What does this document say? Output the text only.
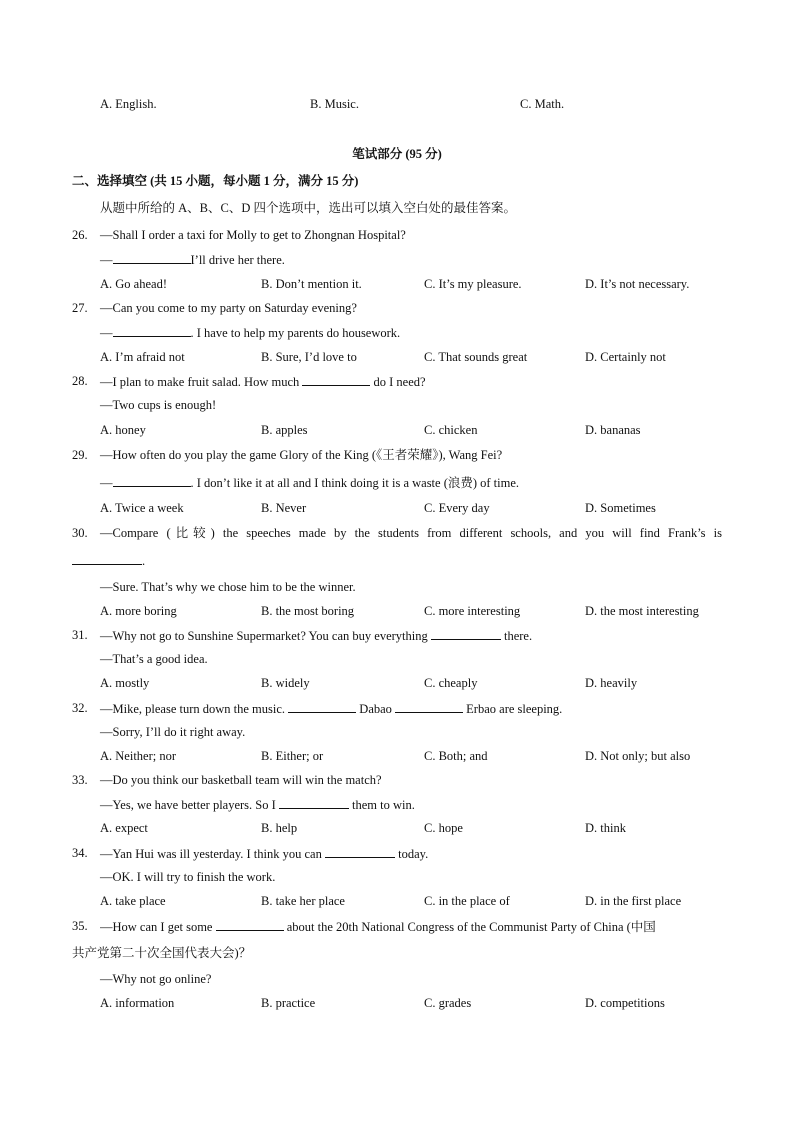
A. English.	B. Music.	C. Math.
笔试部分 (95 分)
二、选择填空 (共 15 小题，每小题 1 分，满分 15 分)
从题中所给的 A、B、C、D 四个选项中，选出可以填入空白处的最佳答案。
26. —Shall I order a taxi for Molly to get to Zhongnan Hospital?
—	I’ll drive her there.
A. Go ahead!	B. Don’t mention it.	C. It’s my pleasure.	D. It’s not necessary.
27. —Can you come to my party on Saturday evening?
—	. I have to help my parents do housework.
A. I’m afraid not	B. Sure, I’d love to	C. That sounds great	D. Certainly not
28. —I plan to make fruit salad. How much	do I need?
—Two cups is enough!
A. honey	B. apples	C. chicken	D. bananas
29. —How often do you play the game Glory of the King (《王者荣耀》), Wang Fei?
—	. I don’t like it at all and I think doing it is a waste (浪费) of time.
A. Twice a week	B. Never	C. Every day	D. Sometimes
30. —Compare (比较) the speeches made by the students from different schools, and you will find Frank’s is
.
—Sure. That’s why we chose him to be the winner.
A. more boring	B. the most boring	C. more interesting	D. the most interesting
31. —Why not go to Sunshine Supermarket? You can buy everything	there.
—That’s a good idea.
A. mostly	B. widely	C. cheaply	D. heavily
32. —Mike, please turn down the music.	Dabao	Erbao are sleeping.
—Sorry, I’ll do it right away.
A. Neither; nor	B. Either; or	C. Both; and	D. Not only; but also
33. —Do you think our basketball team will win the match?
—Yes, we have better players. So I	them to win.
A. expect	B. help	C. hope	D. think
34. —Yan Hui was ill yesterday. I think you can	today.
—OK. I will try to finish the work.
A. take place	B. take her place	C. in the place of	D. in the first place
35. —How can I get some	about the 20th National Congress of the Communist Party of China (中国
共产党第二十次全国代表大会)？
—Why not go online?
A. information	B. practice	C. grades	D. competitions
